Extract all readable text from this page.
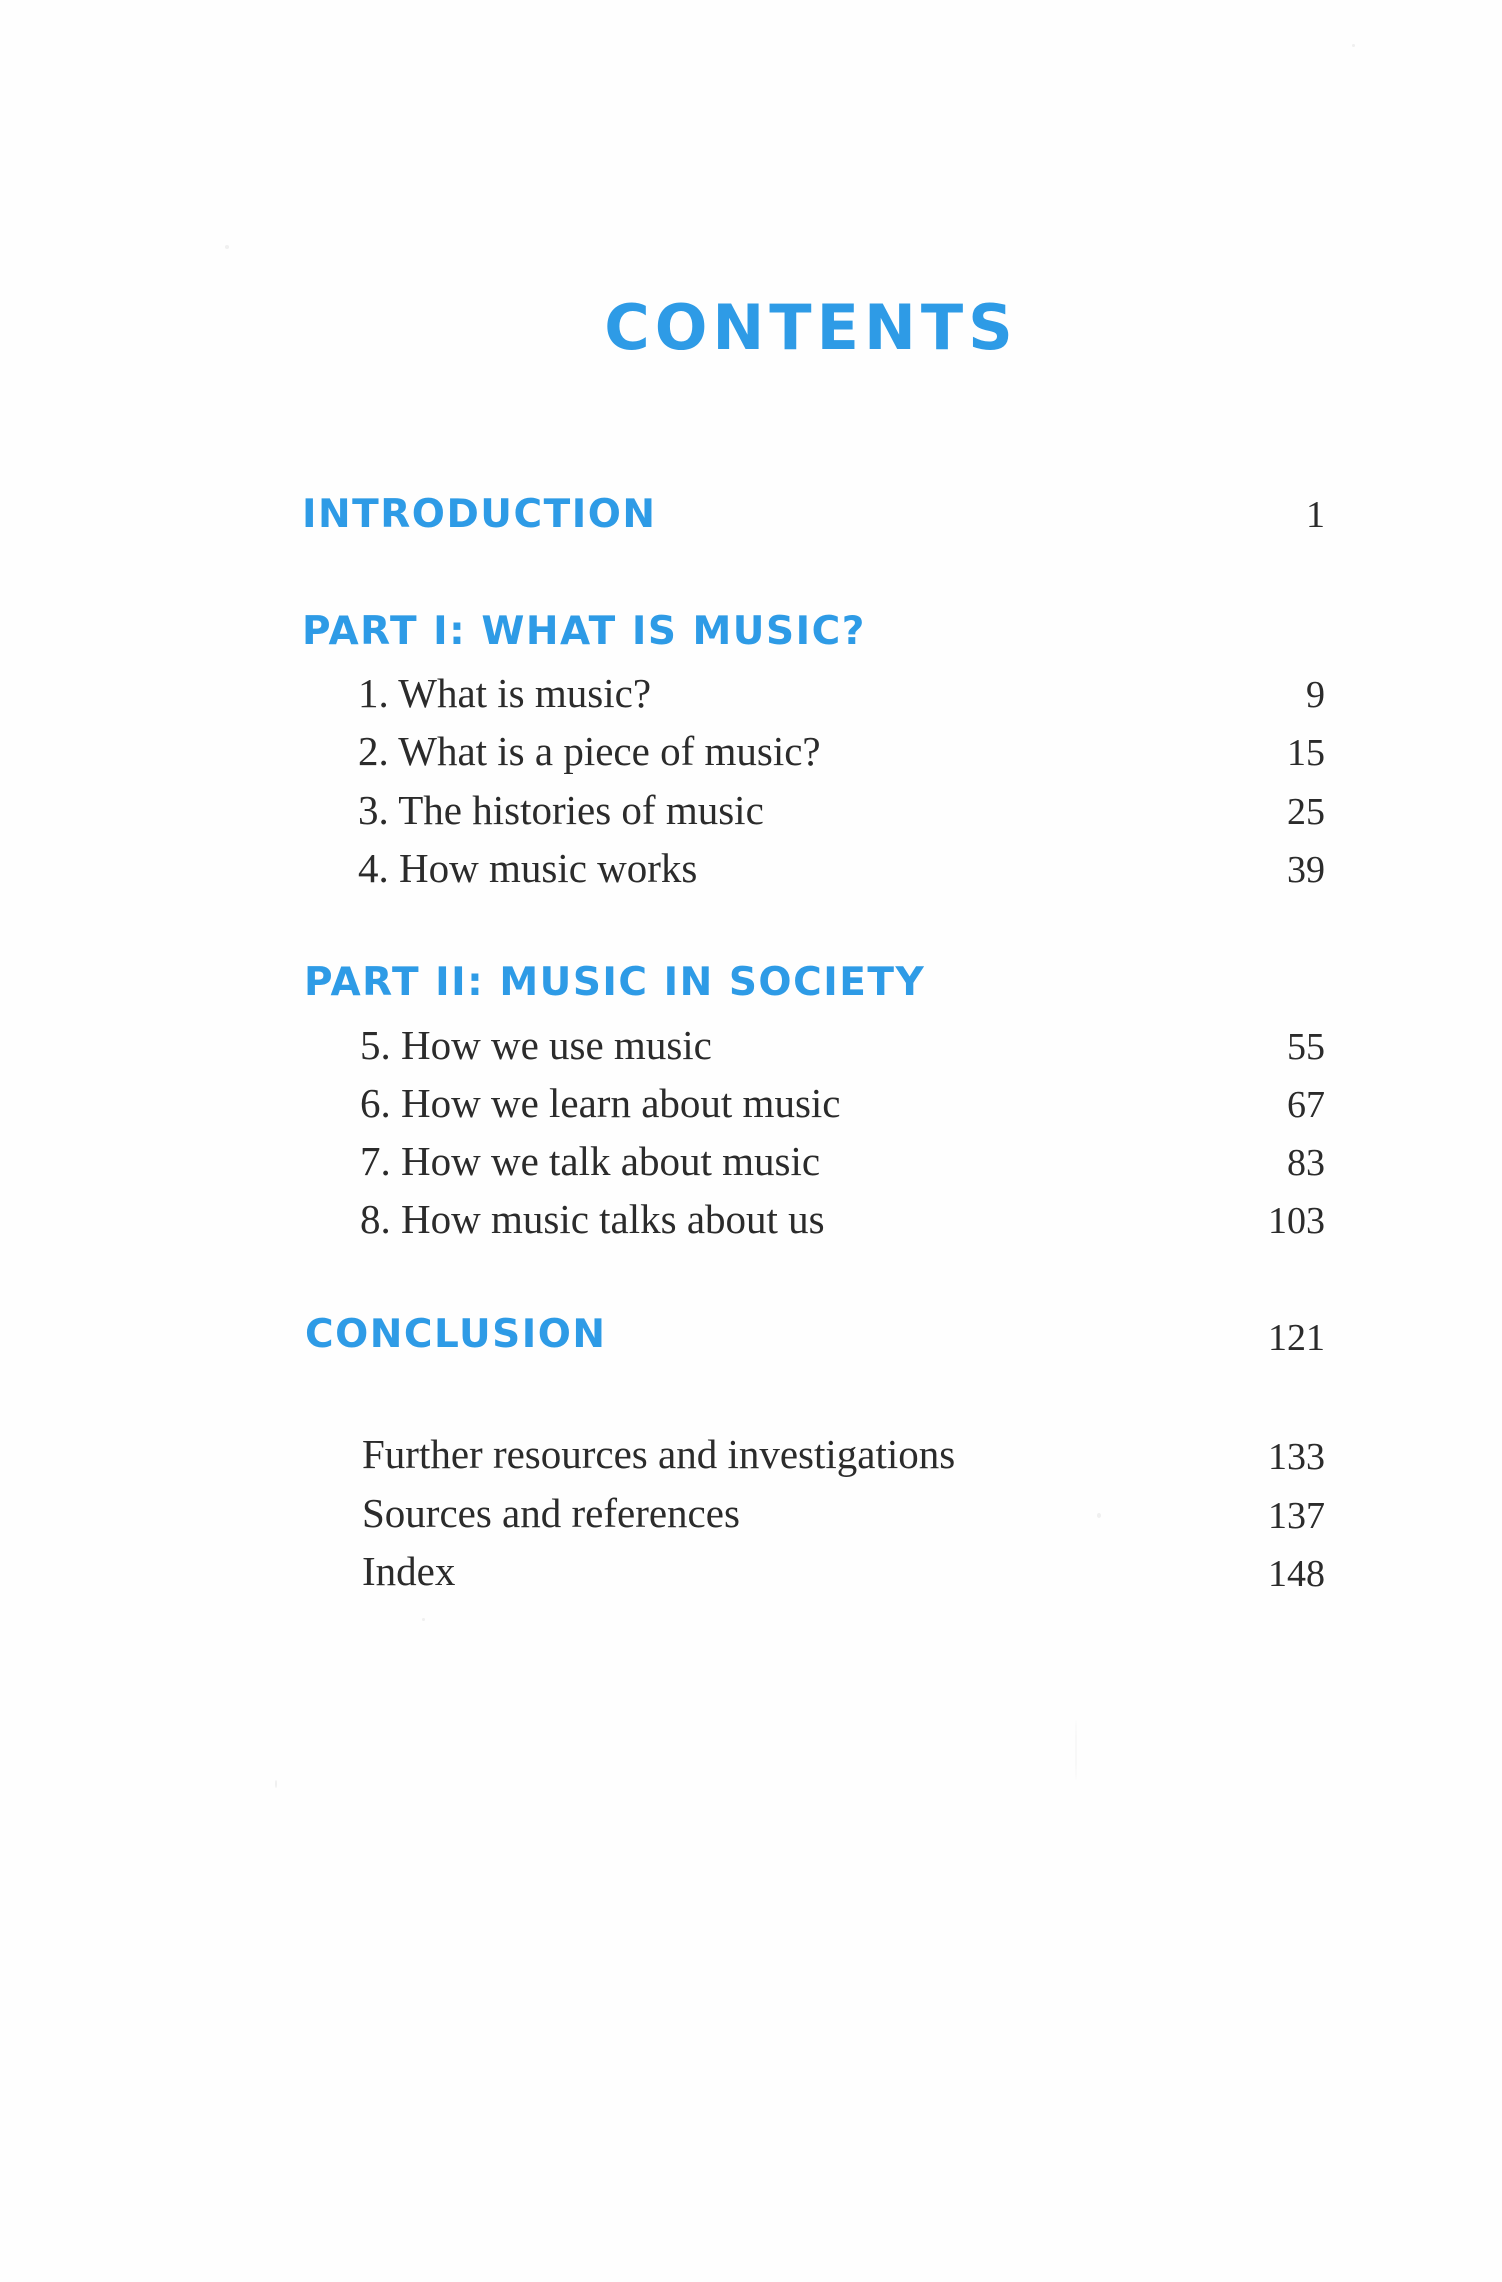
CONTENTS
INTRODUCTION	1
PART I: WHAT IS MUSIC?
1. What is music?	9
2. What is a piece of music?	15
3. The histories of music	25
4. How music works	39
PART II: MUSIC IN SOCIETY
5. How we use music	55
6. How we learn about music	67
7. How we talk about music	83
8. How music talks about us	103
CONCLUSION	121
Further resources and investigations	133
Sources and references	137
Index	148
